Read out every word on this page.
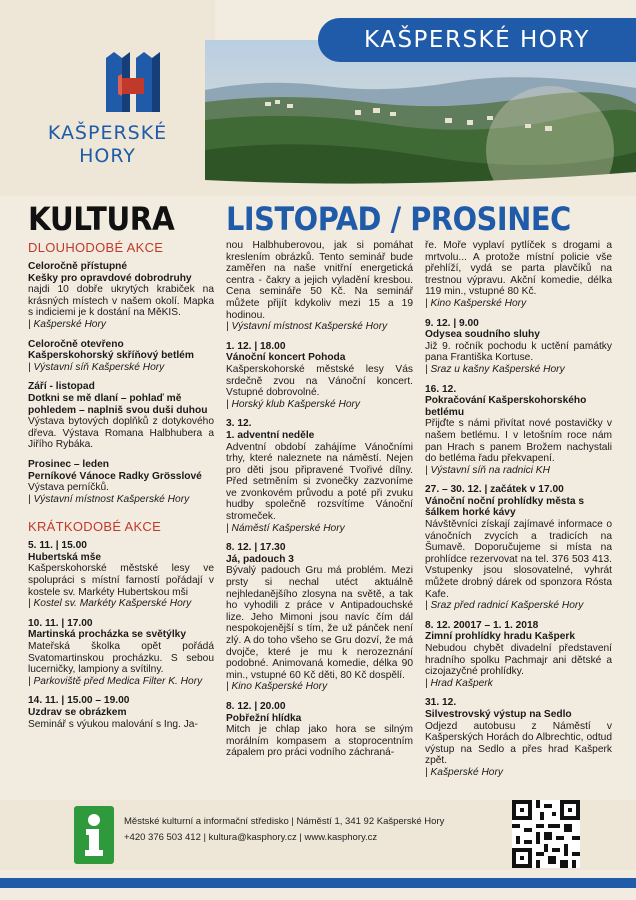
KAŠPERSKÉ
HORY
KAŠPERSKÉ HORY
KULTURA LISTOPAD / PROSINEC
DLOUHODOBÉ AKCE
Celoročně přístupné
Kešky pro opravdové dobrodruhy
najdi 10 dobře ukrytých krabiček na krásných místech v našem okolí. Mapka s indiciemi je k dostání na MěKIS.
| Kašperské Hory
Celoročně otevřeno
Kašperskohorský skříňový betlém
| Výstavní síň Kašperské Hory
Září - listopad
Dotkni se mě dlaní – pohlaď mě pohledem – naplniš svou duši duhou
Výstava bytových doplňků z dotykového dřeva. Výstava Romana Halbhubera a Jiřího Rybáka.
Prosinec – leden
Perníkové Vánoce Radky Grösslové
Výstava perníčků.
| Výstavní místnost Kašperské Hory
KRÁTKODOBÉ AKCE
5. 11. | 15.00
Hubertská mše
Kašperskohorské městské lesy ve spolupráci s místní farností pořádají v kostele sv. Markéty Hubertskou mši
| Kostel sv. Markéty Kašperské Hory
10. 11. | 17.00
Martinská procházka se světýlky
Mateřská školka opět pořádá Svatomartinskou procházku. S sebou lucerničky, lampiony a svítilny.
| Parkoviště před Medica Filter K. Hory
14. 11. | 15.00 – 19.00
Uzdrav se obrázkem
Seminář s výukou malování s Ing. Ja-
nou Halbhuberovou, jak si pomáhat kreslením obrázků. Tento seminář bude zaměřen na naše vnitřní energetická centra - čakry a jejich vyladění kresbou. Cena semináře 50 Kč. Na seminář můžete přijít kdykoliv mezi 15 a 19 hodinou.
| Výstavní místnost Kašperské Hory
1. 12. | 18.00
Vánoční koncert Pohoda
Kašperskohorské městské lesy Vás srdečně zvou na Vánoční koncert. Vstupné dobrovolné.
| Horský klub Kašperské Hory
3. 12.
1. adventní neděle
Adventní období zahájíme Vánočními trhy, které naleznete na náměstí. Nejen pro děti jsou připravené Tvořivé dílny. Před setměním si zvonečky zazvoníme ve zvonkovém průvodu a poté při zvuku hudby společně rozsvítíme Vánoční stromeček.
| Náměstí Kašperské Hory
8. 12. | 17.30
Já, padouch 3
Bývalý padouch Gru má problém. Mezi prsty si nechal utéct aktuálně nejhledanějšího zlosyna na světě, a tak ho vyhodili z práce v Antipadouchské lize. Jeho Mimoni jsou navíc čím dál nespokojenější s tím, že už pánček není zlý. A do toho všeho se Gru dozví, že má dvojče, které je mu k nerozeznání podobné. Animovaná komedie, délka 90 min., vstupné 60 Kč děti, 80 Kč dospělí.
| Kino Kašperské Hory
8. 12. | 20.00
Pobřežní hlídka
Mitch je chlap jako hora se silným morálním kompasem a stoprocentním zápalem pro práci vodního záchraná-
ře. Moře vyplaví pytlíček s drogami a mrtvolu... A protože místní policie vše přehlíží, vydá se parta plavčíků na trestnou výpravu. Akční komedie, délka 119 min., vstupné 80 Kč.
| Kino Kašperské Hory
9. 12. | 9.00
Odysea soudního sluhy
Již 9. ročník pochodu k uctění památky pana Františka Kortuse.
| Sraz u kašny Kašperské Hory
16. 12.
Pokračování Kašperskohorského betlému
Přijďte s námi přivítat nové postavičky v našem betlému. I v letošním roce nám pan Hrach s panem Brožem nachystali do betléma řadu překvapení.
| Výstavní síň na radnici KH
27. – 30. 12. | začátek v 17.00
Vánoční noční prohlídky města s šálkem horké kávy
Návštěvníci získají zajímavé informace o vánočních zvycích a tradicích na Šumavě. Doporučujeme si místa na prohlídce rezervovat na tel. 376 503 413. Vstupenky jsou slosovatelné, vyhrát můžete drobný dárek od sponzora Rósta Kafe.
| Sraz před radnicí Kašperské Hory
8. 12. 20017 – 1. 1. 2018
Zimní prohlídky hradu Kašperk
Nebudou chybět divadelní představení hradního spolku Pachmajr ani dětské a cizojazyčné prohlídky.
| Hrad Kašperk
31. 12.
Silvestrovský výstup na Sedlo
Odjezd autobusu z Náměstí v Kašperských Horách do Albrechtic, odtud výstup na Sedlo a přes hrad Kašperk zpět.
| Kašperské Hory
Městské kulturní a informační středisko | Náměstí 1, 341 92 Kašperské Hory
+420 376 503 412 | kultura@kasphory.cz | www.kasphory.cz
